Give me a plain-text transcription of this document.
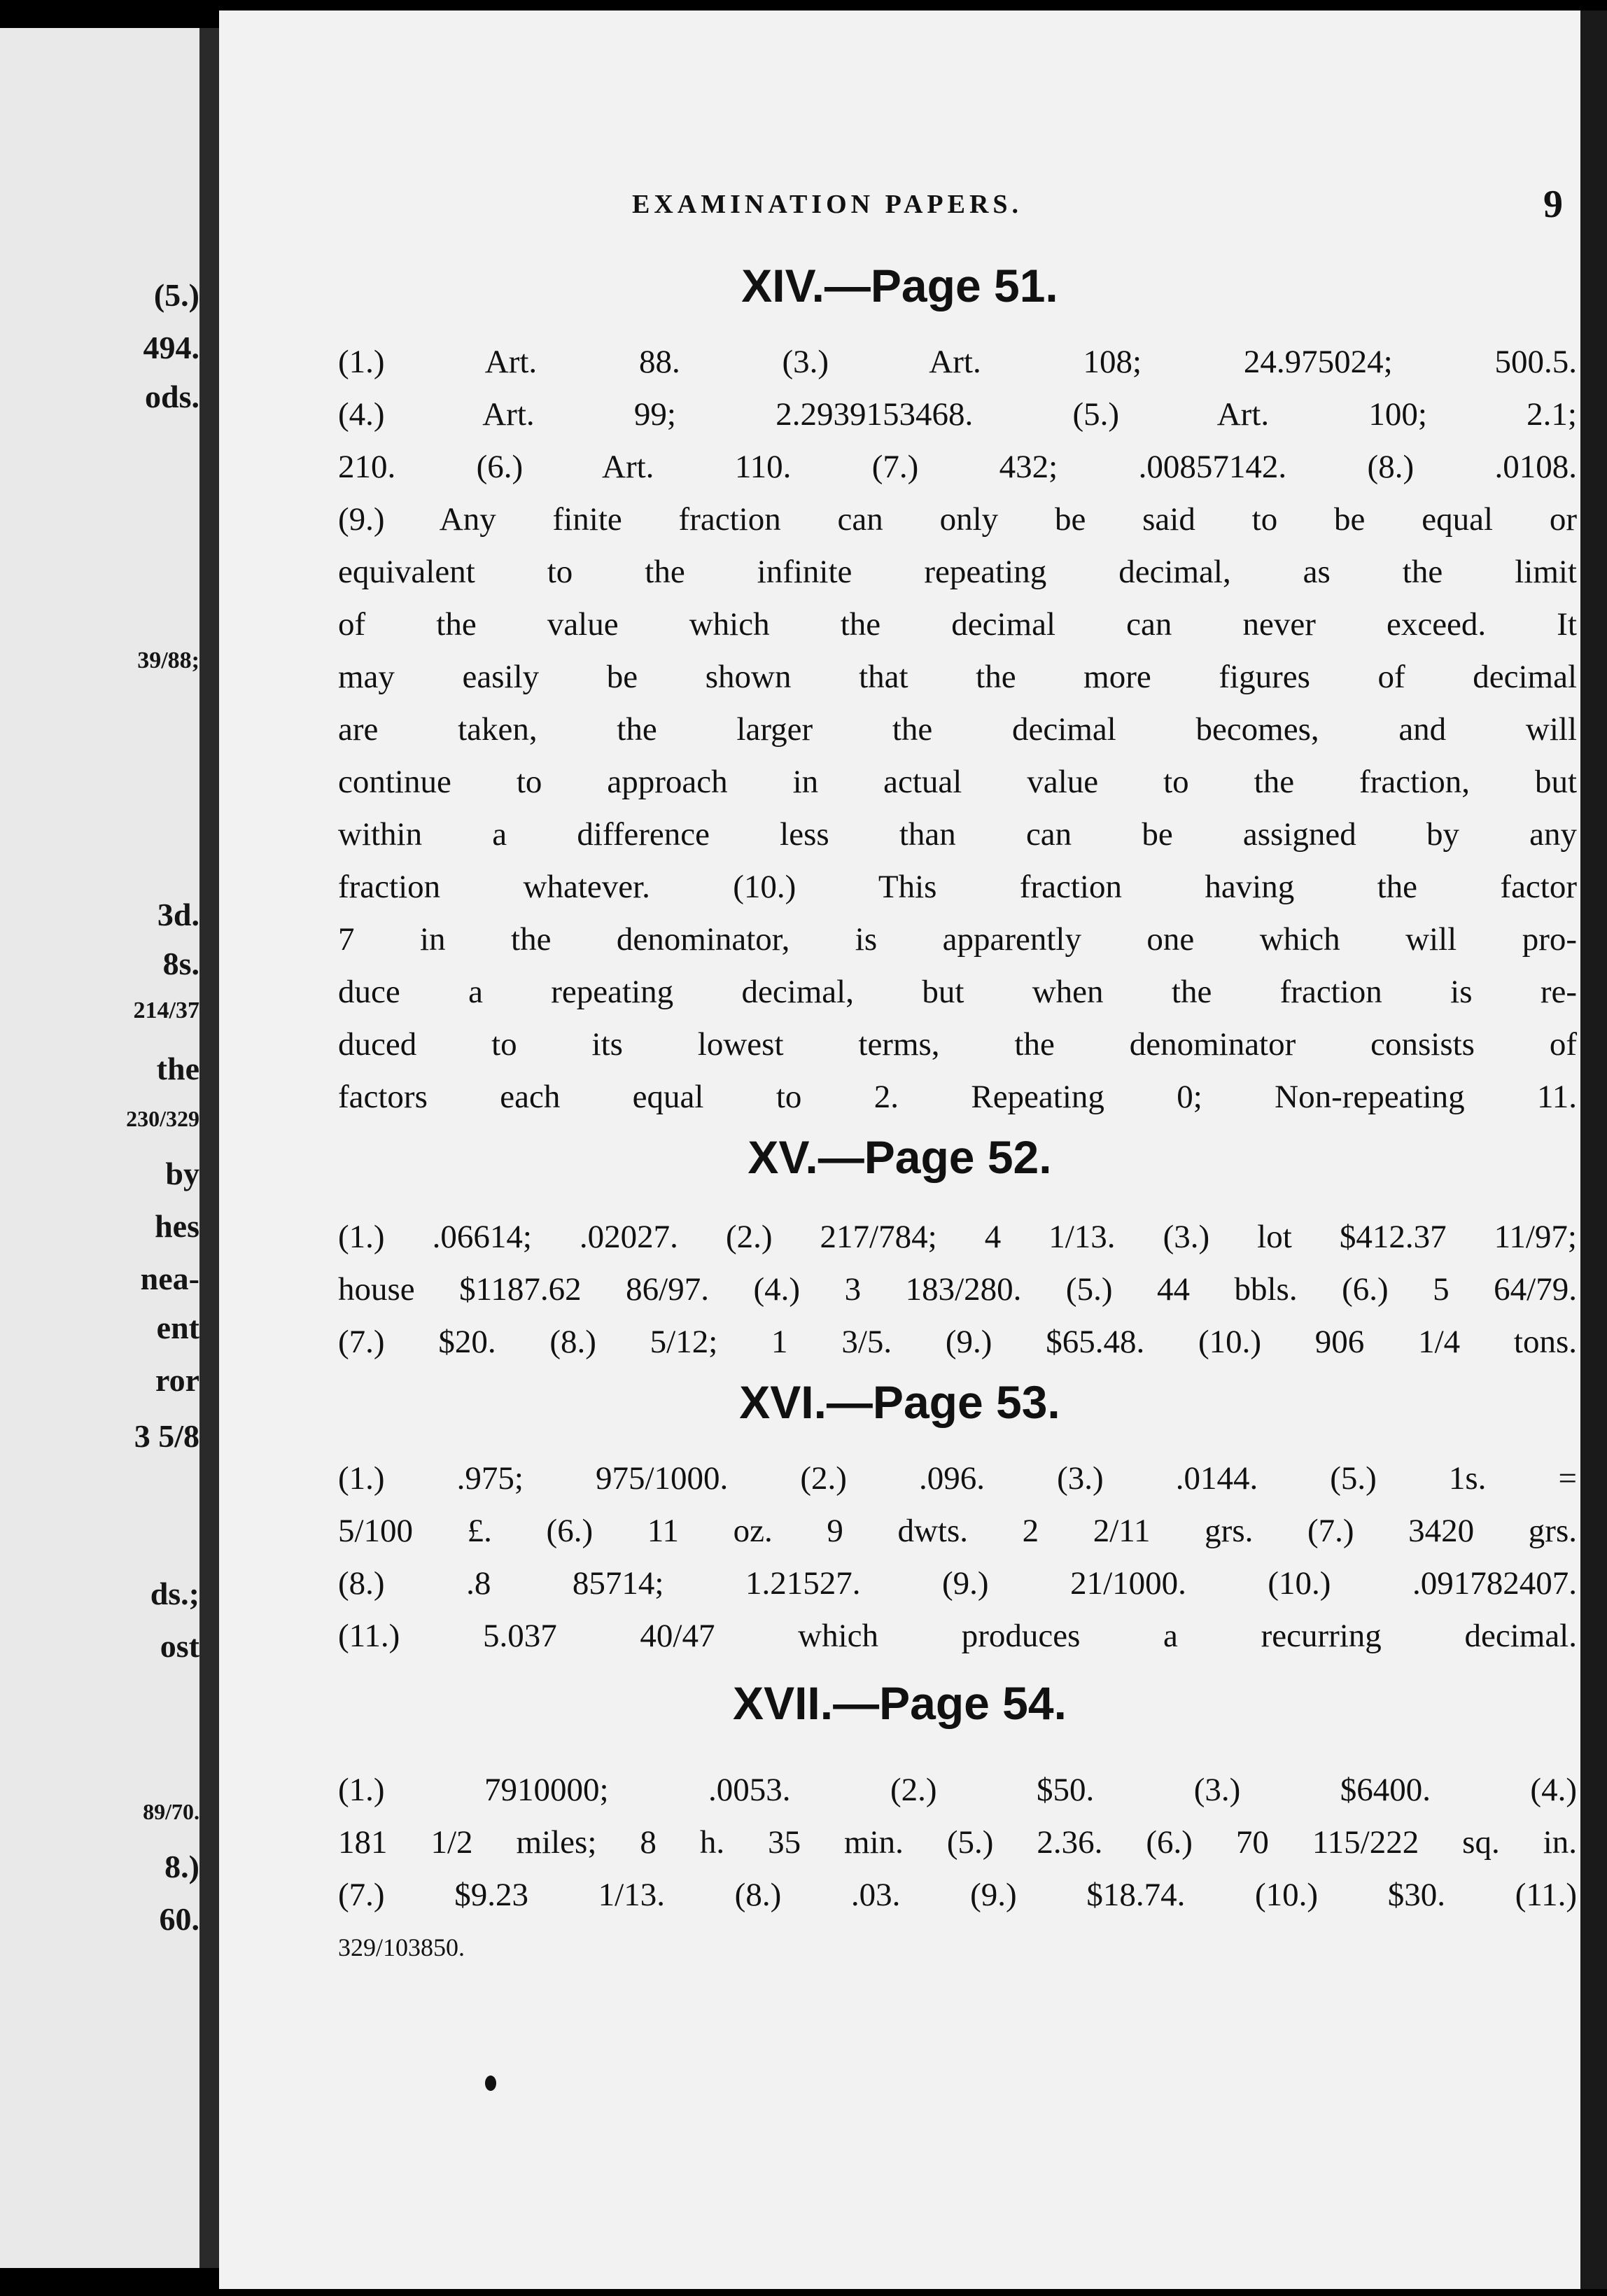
(5.)
494.
ods.
39/88;
3d.
8s.
214/37
the
230/329
by
hes
nea-
ent
ror
3 5/8
ds.;
ost
89/70.
8.)
60.
EXAMINATION PAPERS.	9
XIV.—Page 51.
(1.) Art. 88. (3.) Art. 108; 24.975024; 500.5.
(4.) Art. 99; 2.2939153468. (5.) Art. 100; 2.1;
210. (6.) Art. 110. (7.) 432; .00857142. (8.) .0108.
(9.) Any finite fraction can only be said to be equal or
equivalent to the infinite repeating decimal, as the limit
of the value which the decimal can never exceed. It
may easily be shown that the more figures of decimal
are taken, the larger the decimal becomes, and will
continue to approach in actual value to the fraction, but
within a difference less than can be assigned by any
fraction whatever. (10.) This fraction having the factor
7 in the denominator, is apparently one which will pro-
duce a repeating decimal, but when the fraction is re-
duced to its lowest terms, the denominator consists of
factors each equal to 2. Repeating 0; Non-repeating 11.
XV.—Page 52.
(1.) .06614; .02027. (2.) 217/784; 4 1/13. (3.) lot $412.37 11/97;
house $1187.62 86/97. (4.) 3 183/280. (5.) 44 bbls. (6.) 5 64/79.
(7.) $20. (8.) 5/12; 1 3/5. (9.) $65.48. (10.) 906 1/4 tons.
XVI.—Page 53.
(1.) .975; 975/1000. (2.) .096. (3.) .0144. (5.) 1s. =
5/100 £. (6.) 11 oz. 9 dwts. 2 2/11 grs. (7.) 3420 grs.
(8.) .8 85714; 1.21527. (9.) 21/1000. (10.) .091782407.
(11.) 5.037 40/47 which produces a recurring decimal.
XVII.—Page 54.
(1.) 7910000; .0053. (2.) $50. (3.) $6400. (4.)
181 1/2 miles; 8 h. 35 min. (5.) 2.36. (6.) 70 115/222 sq. in.
(7.) $9.23 1/13. (8.) .03. (9.) $18.74. (10.) $30. (11.)
329/103850.
